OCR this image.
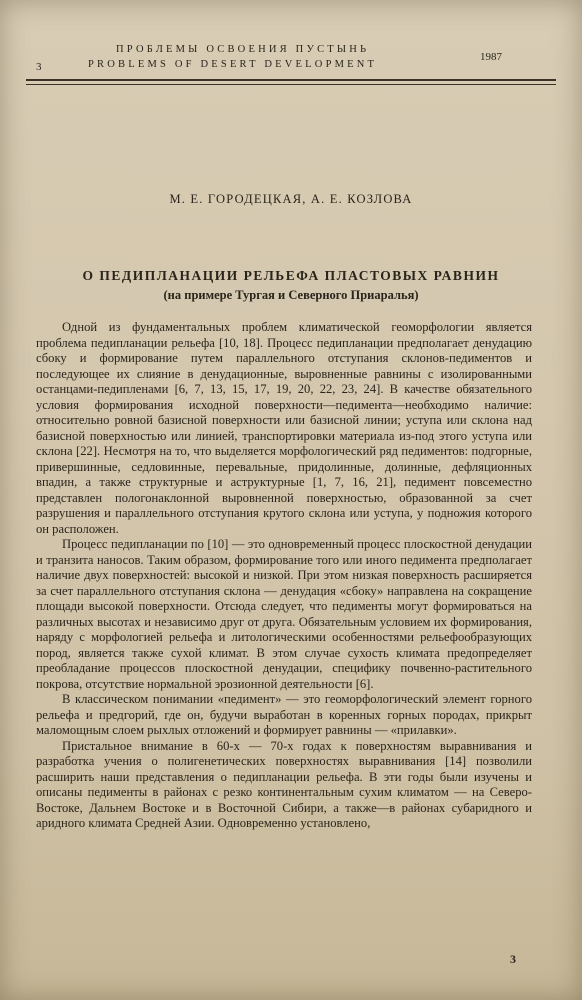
3
ПРОБЛЕМЫ ОСВОЕНИЯ ПУСТЫНЬ
PROBLEMS OF DESERT DEVELOPMENT
1987
М. Е. ГОРОДЕЦКАЯ, А. Е. КОЗЛОВА
О ПЕДИПЛАНАЦИИ РЕЛЬЕФА ПЛАСТОВЫХ РАВНИН
(на примере Тургая и Северного Приаралья)

Одной из фундаментальных проблем климатической геоморфологии является проблема педипланации рельефа [10, 18]. Процесс педипланации предполагает денудацию сбоку и формирование путем параллельного отступания склонов-педиментов и последующее их слияние в денудационные, выровненные равнины с изолированными останцами-педипленами [6, 7, 13, 15, 17, 19, 20, 22, 23, 24]. В качестве обязательного условия формирования исходной поверхности—педимента—необходимо наличие: относительно ровной базисной поверхности или базисной линии; уступа или склона над базисной поверхностью или линией, транспортировки материала из-под этого уступа или склона [22]. Несмотря на то, что выделяется морфологический ряд педиментов: подгорные, привершинные, седловинные, перевальные, придолинные, долинные, дефляционных впадин, а также структурные и аструктурные [1, 7, 16, 21], педимент повсеместно представлен пологонаклонной выровненной поверхностью, образованной за счет разрушения и параллельного отступания крутого склона или уступа, у подножия которого он расположен.

Процесс педипланации по [10] — это одновременный процесс плоскостной денудации и транзита наносов. Таким образом, формирование того или иного педимента предполагает наличие двух поверхностей: высокой и низкой. При этом низкая поверхность расширяется за счет параллельного отступания склона — денудация «сбоку» направлена на сокращение площади высокой поверхности. Отсюда следует, что педименты могут формироваться на различных высотах и независимо друг от друга. Обязательным условием их формирования, наряду с морфологией рельефа и литологическими особенностями рельефообразующих пород, является также сухой климат. В этом случае сухость климата предопределяет преобладание процессов плоскостной денудации, специфику почвенно-растительного покрова, отсутствие нормальной эрозионной деятельности [6].

В классическом понимании «педимент» — это геоморфологический элемент горного рельефа и предгорий, где он, будучи выработан в коренных горных породах, прикрыт маломощным слоем рыхлых отложений и формирует равнины — «прилавки».

Пристальное внимание в 60-х — 70-х годах к поверхностям выравнивания и разработка учения о полигенетических поверхностях выравнивания [14] позволили расширить наши представления о педипланации рельефа. В эти годы были изучены и описаны педименты в районах с резко континентальным сухим климатом — на Северо-Востоке, Дальнем Востоке и в Восточной Сибири, а также—в районах субаридного и аридного климата Средней Азии. Одновременно установлено,

3
